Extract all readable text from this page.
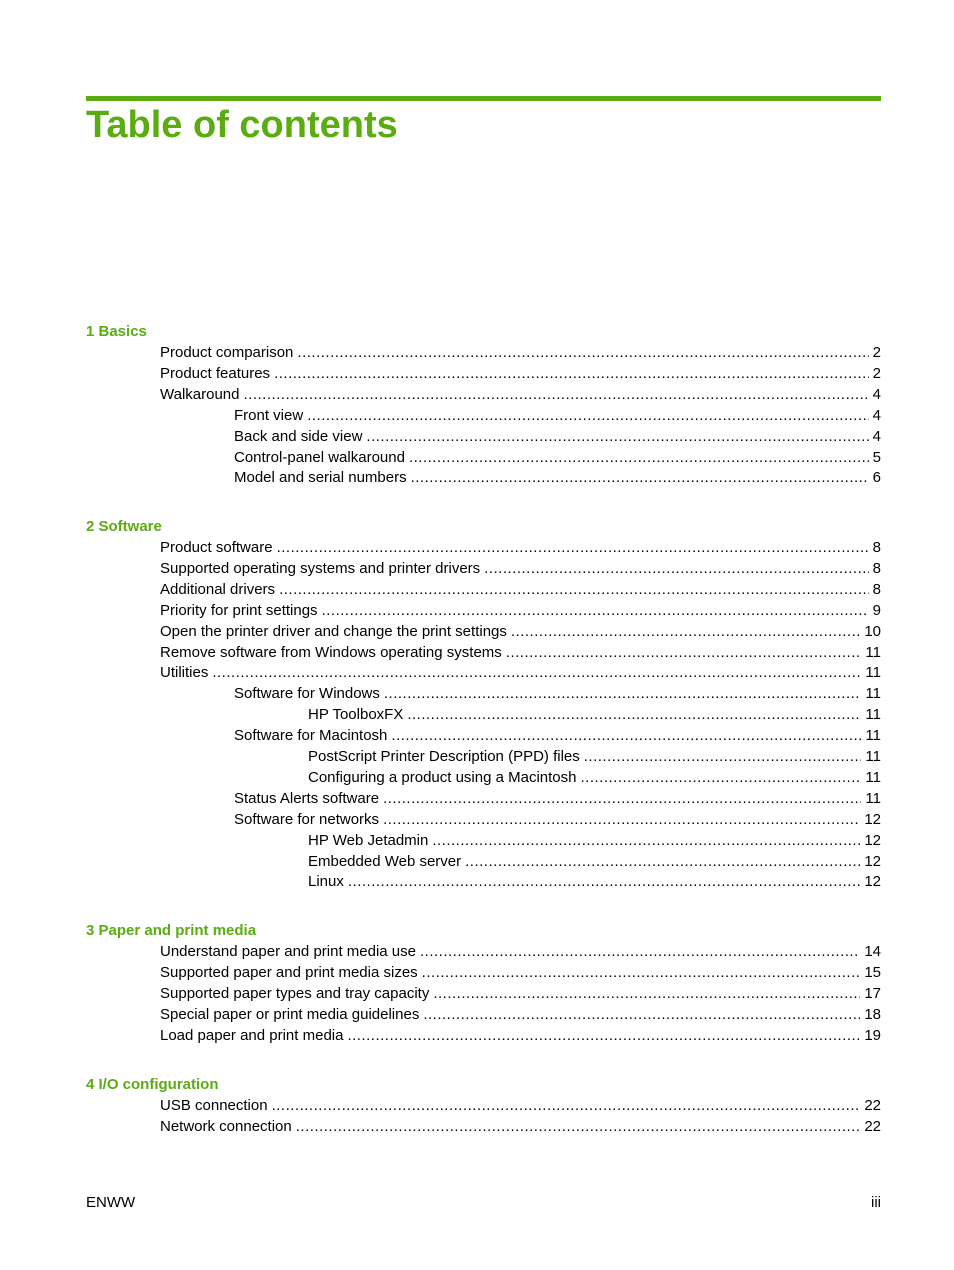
Table of contents
1 Basics
Product comparison .....	2
Product features .....	2
Walkaround .....	4
Front view .....	4
Back and side view .....	4
Control-panel walkaround .....	5
Model and serial numbers .....	6
2 Software
Product software .....	8
Supported operating systems and printer drivers .....	8
Additional drivers .....	8
Priority for print settings .....	9
Open the printer driver and change the print settings .....	10
Remove software from Windows operating systems .....	11
Utilities .....	11
Software for Windows .....	11
HP ToolboxFX .....	11
Software for Macintosh .....	11
PostScript Printer Description (PPD) files .....	11
Configuring a product using a Macintosh .....	11
Status Alerts software .....	11
Software for networks .....	12
HP Web Jetadmin .....	12
Embedded Web server .....	12
Linux .....	12
3 Paper and print media
Understand paper and print media use .....	14
Supported paper and print media sizes .....	15
Supported paper types and tray capacity .....	17
Special paper or print media guidelines .....	18
Load paper and print media .....	19
4 I/O configuration
USB connection .....	22
Network connection .....	22
ENWW	iii
